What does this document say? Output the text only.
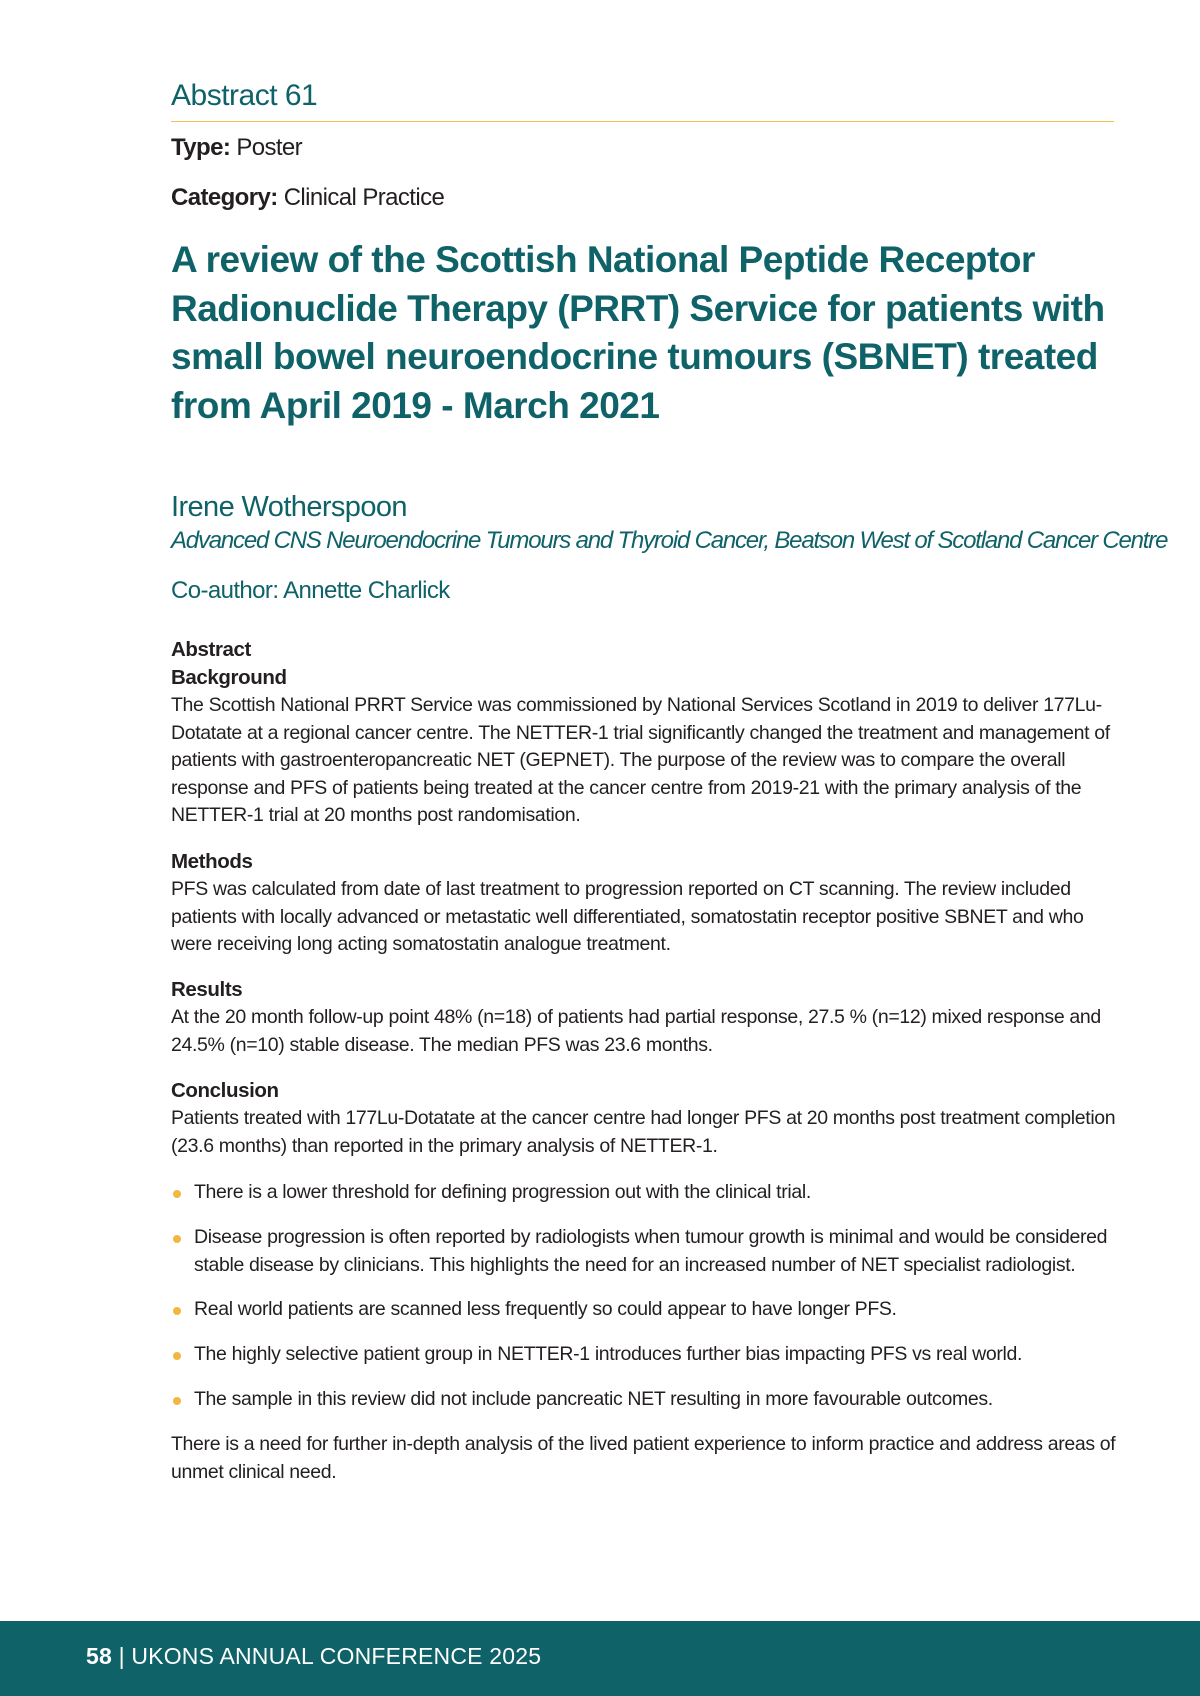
Abstract 61
Type: Poster
Category: Clinical Practice
A review of the Scottish National Peptide Receptor Radionuclide Therapy (PRRT) Service for patients with small bowel neuroendocrine tumours (SBNET) treated from April 2019 - March 2021
Irene Wotherspoon
Advanced CNS Neuroendocrine Tumours and Thyroid Cancer, Beatson West of Scotland Cancer Centre
Co-author: Annette Charlick
Abstract
Background
The Scottish National PRRT Service was commissioned by National Services Scotland in 2019 to deliver 177Lu-Dotatate at a regional cancer centre. The NETTER-1 trial significantly changed the treatment and management of patients with gastroenteropancreatic NET (GEPNET). The purpose of the review was to compare the overall response and PFS of patients being treated at the cancer centre from 2019-21 with the primary analysis of the NETTER-1 trial at 20 months post randomisation.
Methods
PFS was calculated from date of last treatment to progression reported on CT scanning. The review included patients with locally advanced or metastatic well differentiated, somatostatin receptor positive SBNET and who were receiving long acting somatostatin analogue treatment.
Results
At the 20 month follow-up point 48% (n=18) of patients had partial response, 27.5 % (n=12) mixed response and 24.5% (n=10) stable disease. The median PFS was 23.6 months.
Conclusion
Patients treated with 177Lu-Dotatate at the cancer centre had longer PFS at 20 months post treatment completion (23.6 months) than reported in the primary analysis of NETTER-1.
There is a lower threshold for defining progression out with the clinical trial.
Disease progression is often reported by radiologists when tumour growth is minimal and would be considered stable disease by clinicians. This highlights the need for an increased number of NET specialist radiologist.
Real world patients are scanned less frequently so could appear to have longer PFS.
The highly selective patient group in NETTER-1 introduces further bias impacting PFS vs real world.
The sample in this review did not include pancreatic NET resulting in more favourable outcomes.
There is a need for further in-depth analysis of the lived patient experience to inform practice and address areas of unmet clinical need.
58 | UKONS ANNUAL CONFERENCE 2025
